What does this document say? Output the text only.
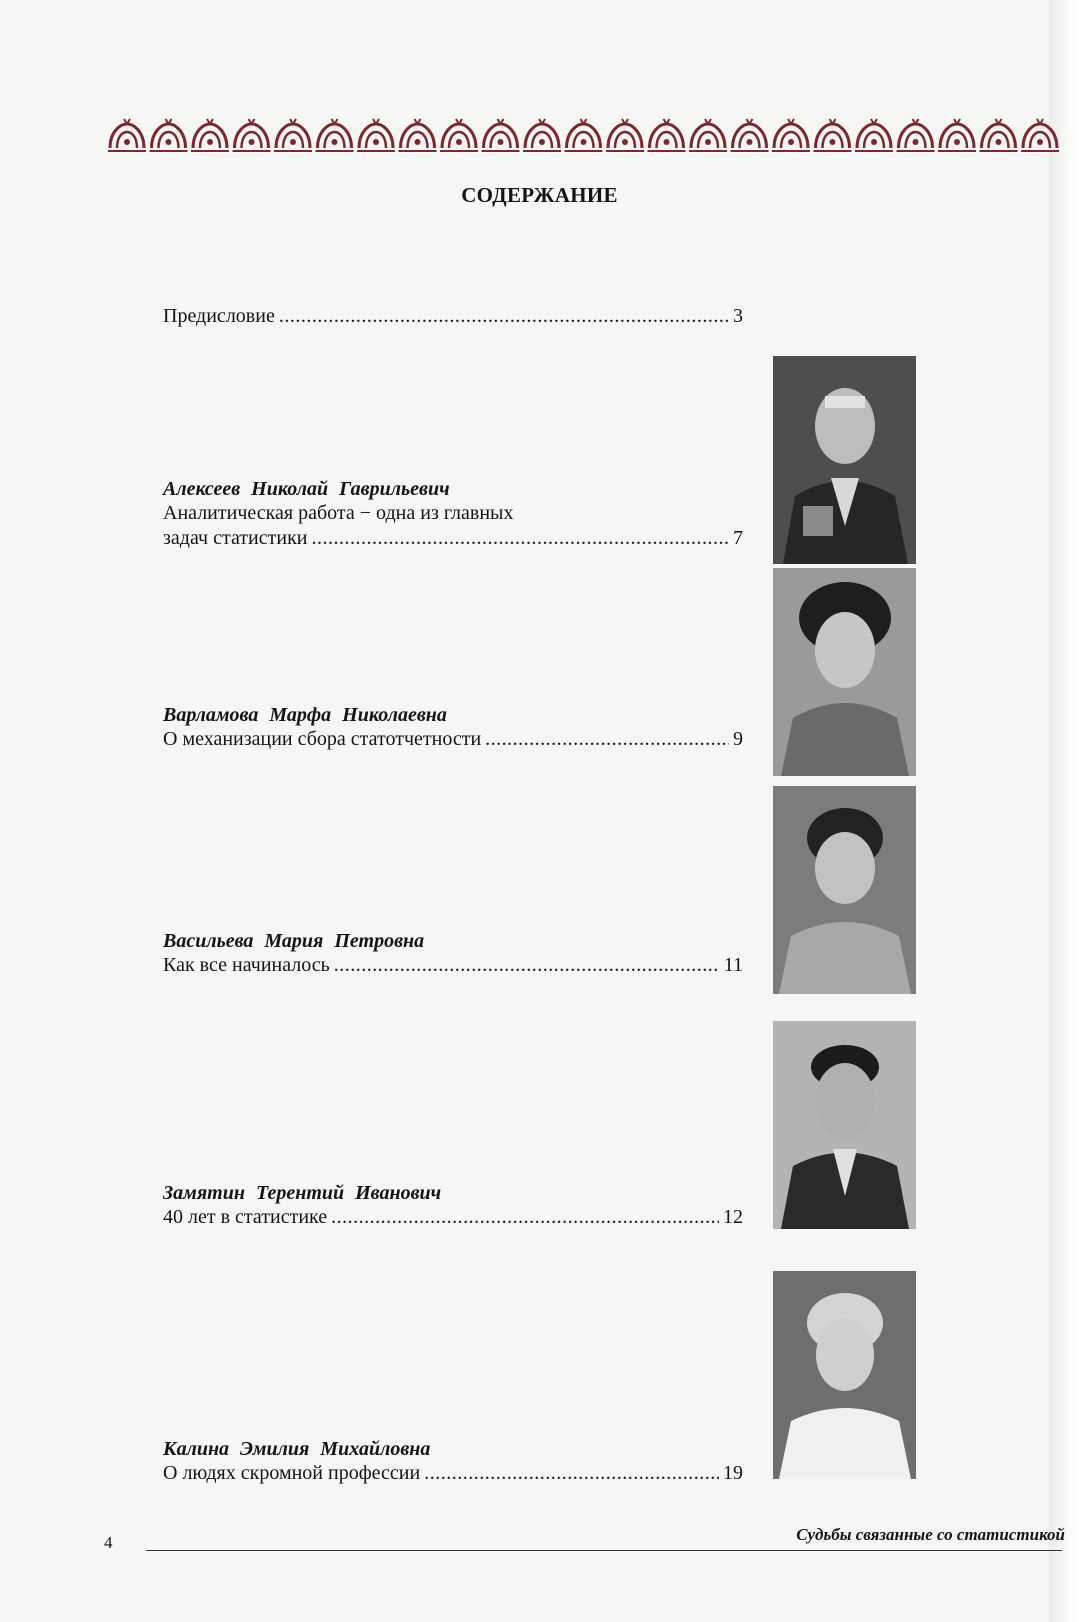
СОДЕРЖАНИЕ
Предисловие .....	3
Алексеев Николай Гаврильевич
Аналитическая работа − одна из главных
задач статистики .....	7
Варламова Марфа Николаевна
О механизации сбора статотчетности .....	9
Васильева Мария Петровна
Как все начиналось .....	11
Замятин Терентий Иванович
40 лет в статистике .....	12
Калина Эмилия Михайловна
О людях скромной профессии .....	19
4	Судьбы связанные со статистикой
